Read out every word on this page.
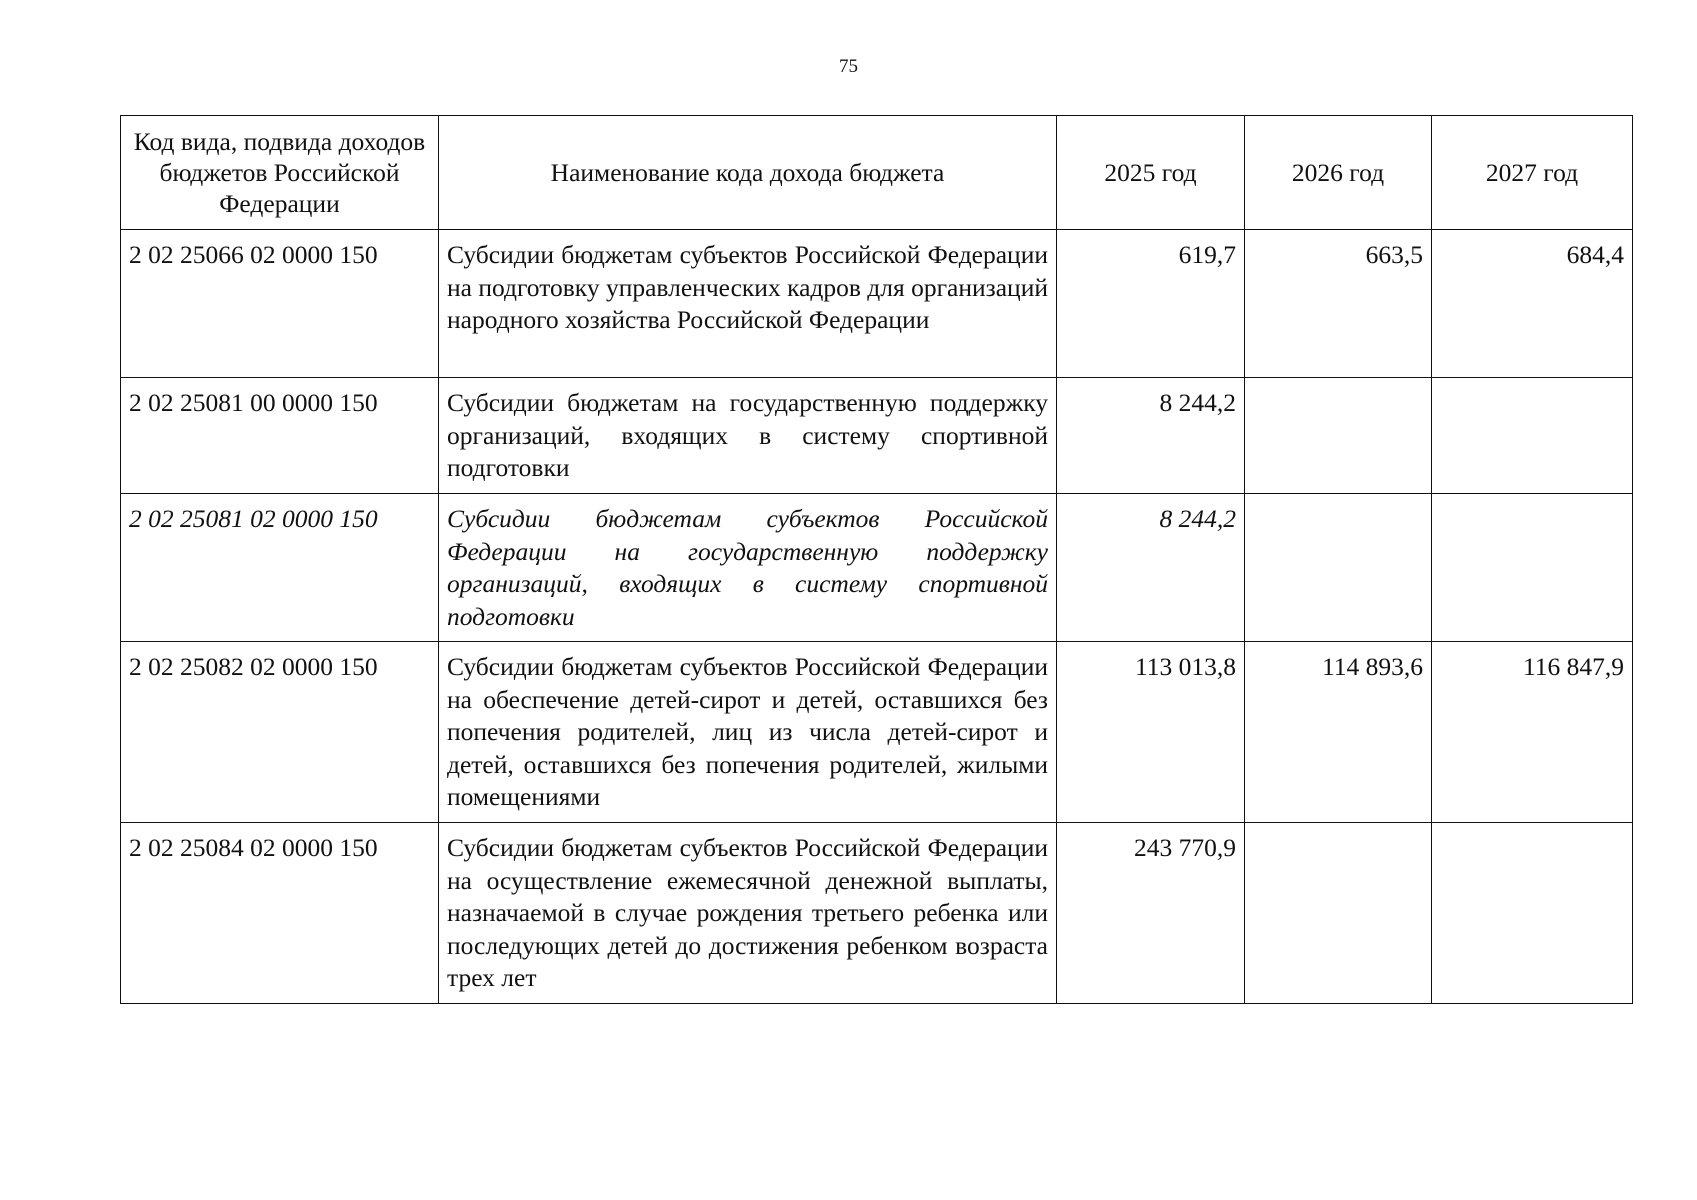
75
Код вида, подвида доходов бюджетов Российской Федерации	Наименование кода дохода бюджета	2025 год	2026 год	2027 год
2 02 25066 02 0000 150	Субсидии бюджетам субъектов Российской Федерации на подготовку управленческих кадров для организаций народного хозяйства Российской Федерации	619,7	663,5	684,4
2 02 25081 00 0000 150	Субсидии бюджетам на государственную поддержку организаций, входящих в систему спортивной подготовки	8 244,2		
2 02 25081 02 0000 150	Субсидии бюджетам субъектов Российской Федерации на государственную поддержку организаций, входящих в систему спортивной подготовки	8 244,2		
2 02 25082 02 0000 150	Субсидии бюджетам субъектов Российской Федерации на обеспечение детей-сирот и детей, оставшихся без попечения родителей, лиц из числа детей-сирот и детей, оставшихся без попечения родителей, жилыми помещениями	113 013,8	114 893,6	116 847,9
2 02 25084 02 0000 150	Субсидии бюджетам субъектов Российской Федерации на осуществление ежемесячной денежной выплаты, назначаемой в случае рождения третьего ребенка или последующих детей до достижения ребенком возраста трех лет	243 770,9		
